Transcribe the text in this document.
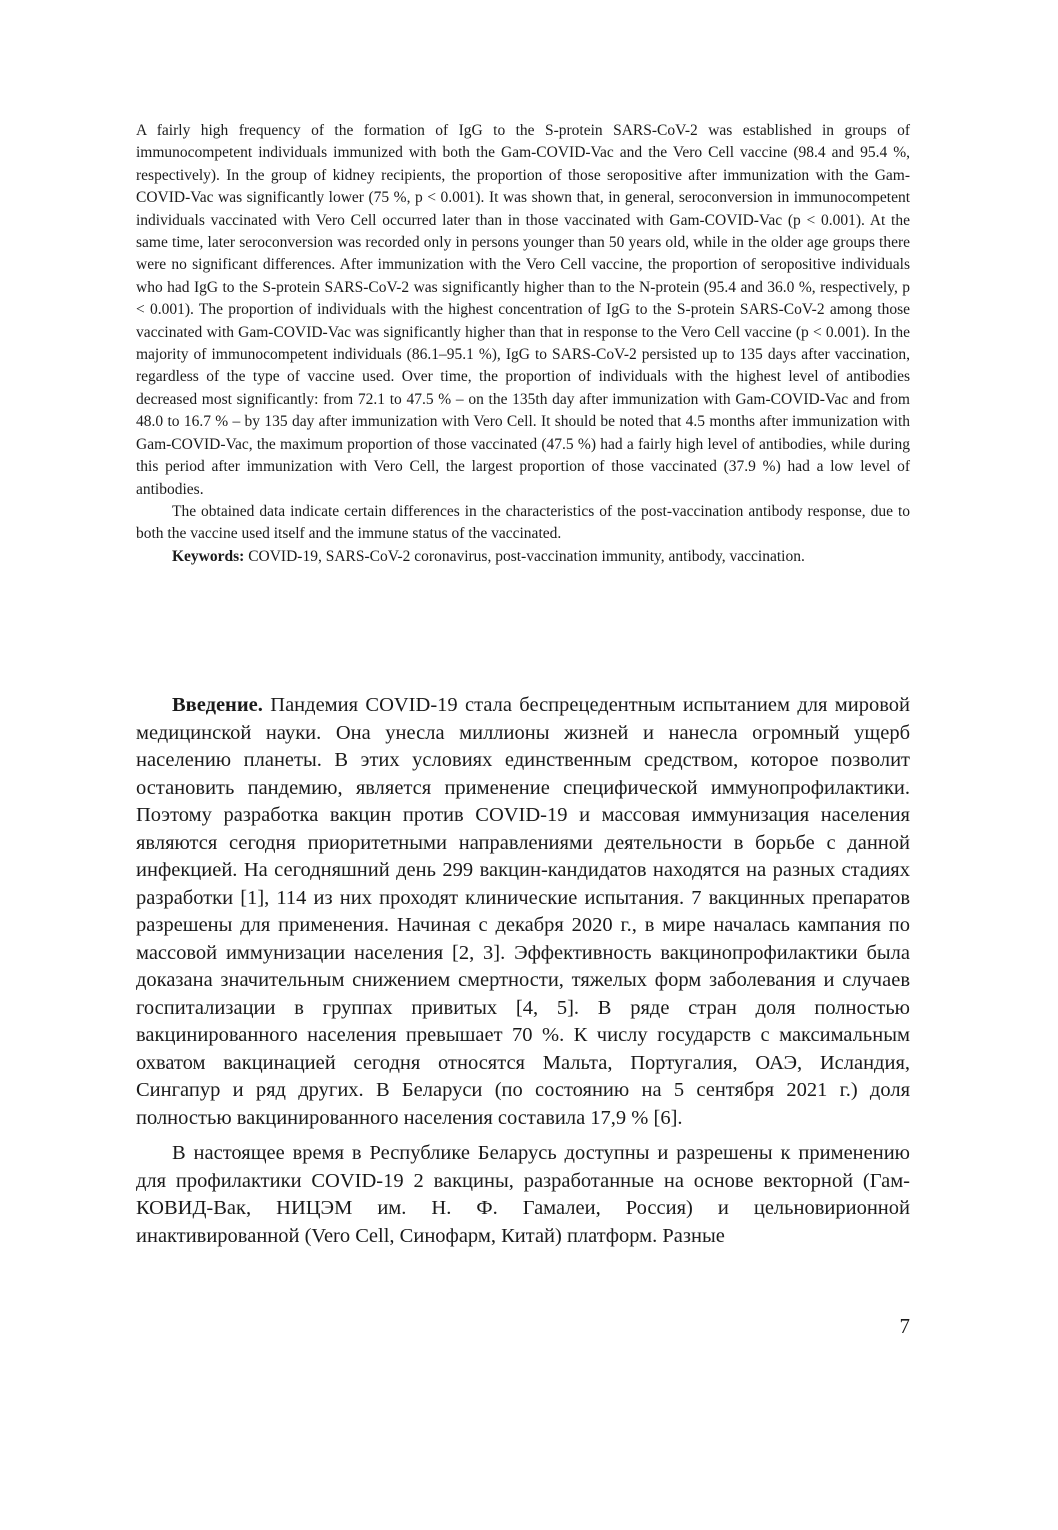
A fairly high frequency of the formation of IgG to the S-protein SARS-CoV-2 was established in groups of immunocompetent individuals immunized with both the Gam-COVID-Vac and the Vero Cell vaccine (98.4 and 95.4 %, respectively). In the group of kidney recipients, the proportion of those seropositive after immunization with the Gam-COVID-Vac was significantly lower (75 %, p < 0.001). It was shown that, in general, seroconversion in immunocompetent individuals vaccinated with Vero Cell occurred later than in those vaccinated with Gam-COVID-Vac (p < 0.001). At the same time, later seroconversion was recorded only in persons younger than 50 years old, while in the older age groups there were no significant differences. After immunization with the Vero Cell vaccine, the proportion of seropositive individuals who had IgG to the S-protein SARS-CoV-2 was significantly higher than to the N-protein (95.4 and 36.0 %, respectively, p < 0.001). The proportion of individuals with the highest concentration of IgG to the S-protein SARS-CoV-2 among those vaccinated with Gam-COVID-Vac was significantly higher than that in response to the Vero Cell vaccine (p < 0.001). In the majority of immunocompetent individuals (86.1–95.1 %), IgG to SARS-CoV-2 persisted up to 135 days after vaccination, regardless of the type of vaccine used. Over time, the proportion of individuals with the highest level of antibodies decreased most significantly: from 72.1 to 47.5 % – on the 135th day after immunization with Gam-COVID-Vac and from 48.0 to 16.7 % – by 135 day after immunization with Vero Cell. It should be noted that 4.5 months after immunization with Gam-COVID-Vac, the maximum proportion of those vaccinated (47.5 %) had a fairly high level of antibodies, while during this period after immunization with Vero Cell, the largest proportion of those vaccinated (37.9 %) had a low level of antibodies.

The obtained data indicate certain differences in the characteristics of the post-vaccination antibody response, due to both the vaccine used itself and the immune status of the vaccinated.

Keywords: COVID-19, SARS-CoV-2 coronavirus, post-vaccination immunity, antibody, vaccination.

Введение. Пандемия COVID-19 стала беспрецедентным испытанием для мировой медицинской науки. Она унесла миллионы жизней и нанесла огромный ущерб населению планеты. В этих условиях единственным средством, которое позволит остановить пандемию, является применение специфической иммунопрофилактики. Поэтому разработка вакцин против COVID-19 и массовая иммунизация населения являются сегодня приоритетными направлениями деятельности в борьбе с данной инфекцией. На сегодняшний день 299 вакцин-кандидатов находятся на разных стадиях разработки [1], 114 из них проходят клинические испытания. 7 вакцинных препаратов разрешены для применения. Начиная с декабря 2020 г., в мире началась кампания по массовой иммунизации населения [2, 3]. Эффективность вакцинопрофилактики была доказана значительным снижением смертности, тяжелых форм заболевания и случаев госпитализации в группах привитых [4, 5]. В ряде стран доля полностью вакцинированного населения превышает 70 %. К числу государств с максимальным охватом вакцинацией сегодня относятся Мальта, Португалия, ОАЭ, Исландия, Сингапур и ряд других. В Беларуси (по состоянию на 5 сентября 2021 г.) доля полностью вакцинированного населения составила 17,9 % [6].

В настоящее время в Республике Беларусь доступны и разрешены к применению для профилактики COVID-19 2 вакцины, разработанные на основе векторной (Гам-КОВИД-Вак, НИЦЭМ им. Н. Ф. Гамалеи, Россия) и цельновирионной инактивированной (Vero Cell, Синофарм, Китай) платформ. Разные

7
